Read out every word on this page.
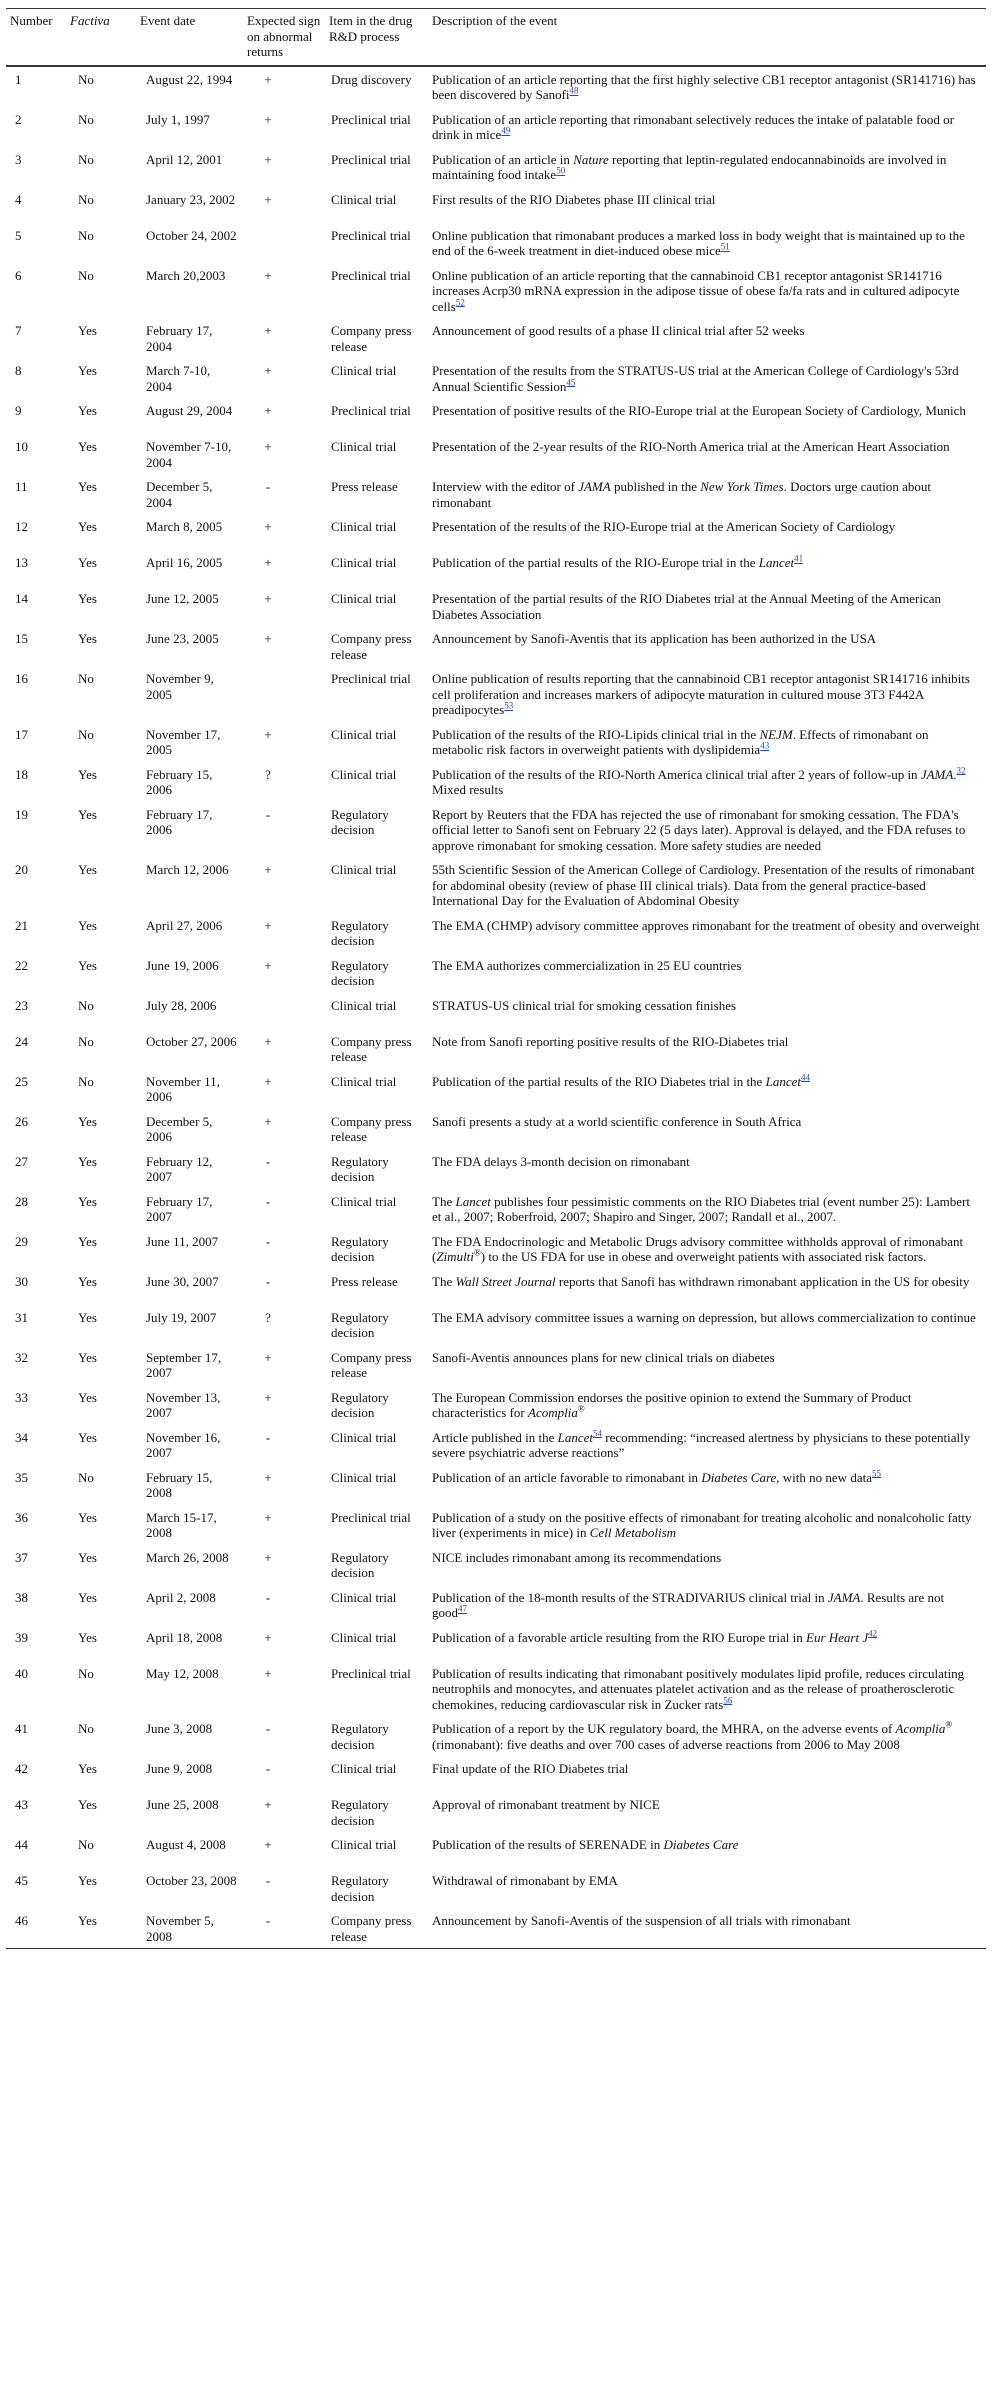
Number	Factiva	Event date	Expected sign on abnormal returns	Item in the drug R&D process	Description of the event
1	No	August 22, 1994	+	Drug discovery	Publication of an article reporting that the first highly selective CB1 receptor antagonist (SR141716) has been discovered by Sanofi$^{48}$
2	No	July 1, 1997	+	Preclinical trial	Publication of an article reporting that rimonabant selectively reduces the intake of palatable food or drink in mice$^{49}$
3	No	April 12, 2001	+	Preclinical trial	Publication of an article in Nature reporting that leptin-regulated endocannabinoids are involved in maintaining food intake$^{50}$
4	No	January 23, 2002	+	Clinical trial	First results of the RIO Diabetes phase III clinical trial
5	No	October 24, 2002		Preclinical trial	Online publication that rimonabant produces a marked loss in body weight that is maintained up to the end of the 6-week treatment in diet-induced obese mice$^{51}$
6	No	March 20,2003	+	Preclinical trial	Online publication of an article reporting that the cannabinoid CB1 receptor antagonist SR141716 increases Acrp30 mRNA expression in the adipose tissue of obese fa/fa rats and in cultured adipocyte cells$^{52}$
7	Yes	February 17, 2004	+	Company press release	Announcement of good results of a phase II clinical trial after 52 weeks
8	Yes	March 7-10, 2004	+	Clinical trial	Presentation of the results from the STRATUS-US trial at the American College of Cardiology's 53rd Annual Scientific Session$^{45}$
9	Yes	August 29, 2004	+	Preclinical trial	Presentation of positive results of the RIO-Europe trial at the European Society of Cardiology, Munich
10	Yes	November 7-10, 2004	+	Clinical trial	Presentation of the 2-year results of the RIO-North America trial at the American Heart Association
11	Yes	December 5, 2004	-	Press release	Interview with the editor of JAMA published in the New York Times. Doctors urge caution about rimonabant
12	Yes	March 8, 2005	+	Clinical trial	Presentation of the results of the RIO-Europe trial at the American Society of Cardiology
13	Yes	April 16, 2005	+	Clinical trial	Publication of the partial results of the RIO-Europe trial in the Lancet$^{41}$
14	Yes	June 12, 2005	+	Clinical trial	Presentation of the partial results of the RIO Diabetes trial at the Annual Meeting of the American Diabetes Association
15	Yes	June 23, 2005	+	Company press release	Announcement by Sanofi-Aventis that its application has been authorized in the USA
16	No	November 9, 2005		Preclinical trial	Online publication of results reporting that the cannabinoid CB1 receptor antagonist SR141716 inhibits cell proliferation and increases markers of adipocyte maturation in cultured mouse 3T3 F442A preadipocytes$^{53}$
17	No	November 17, 2005	+	Clinical trial	Publication of the results of the RIO-Lipids clinical trial in the NEJM. Effects of rimonabant on metabolic risk factors in overweight patients with dyslipidemia$^{43}$
18	Yes	February 15, 2006	?	Clinical trial	Publication of the results of the RIO-North America clinical trial after 2 years of follow-up in JAMA.$^{32}$ Mixed results
19	Yes	February 17, 2006	-	Regulatory decision	Report by Reuters that the FDA has rejected the use of rimonabant for smoking cessation. The FDA's official letter to Sanofi sent on February 22 (5 days later). Approval is delayed, and the FDA refuses to approve rimonabant for smoking cessation. More safety studies are needed
20	Yes	March 12, 2006	+	Clinical trial	55th Scientific Session of the American College of Cardiology. Presentation of the results of rimonabant for abdominal obesity (review of phase III clinical trials). Data from the general practice-based International Day for the Evaluation of Abdominal Obesity
21	Yes	April 27, 2006	+	Regulatory decision	The EMA (CHMP) advisory committee approves rimonabant for the treatment of obesity and overweight
22	Yes	June 19, 2006	+	Regulatory decision	The EMA authorizes commercialization in 25 EU countries
23	No	July 28, 2006		Clinical trial	STRATUS-US clinical trial for smoking cessation finishes
24	No	October 27, 2006	+	Company press release	Note from Sanofi reporting positive results of the RIO-Diabetes trial
25	No	November 11, 2006	+	Clinical trial	Publication of the partial results of the RIO Diabetes trial in the Lancet$^{44}$
26	Yes	December 5, 2006	+	Company press release	Sanofi presents a study at a world scientific conference in South Africa
27	Yes	February 12, 2007	-	Regulatory decision	The FDA delays 3-month decision on rimonabant
28	Yes	February 17, 2007	-	Clinical trial	The Lancet publishes four pessimistic comments on the RIO Diabetes trial (event number 25): Lambert et al., 2007; Roberfroid, 2007; Shapiro and Singer, 2007; Randall et al., 2007.
29	Yes	June 11, 2007	-	Regulatory decision	The FDA Endocrinologic and Metabolic Drugs advisory committee withholds approval of rimonabant (Zimulti®) to the US FDA for use in obese and overweight patients with associated risk factors.
30	Yes	June 30, 2007	-	Press release	The Wall Street Journal reports that Sanofi has withdrawn rimonabant application in the US for obesity
31	Yes	July 19, 2007	?	Regulatory decision	The EMA advisory committee issues a warning on depression, but allows commercialization to continue
32	Yes	September 17, 2007	+	Company press release	Sanofi-Aventis announces plans for new clinical trials on diabetes
33	Yes	November 13, 2007	+	Regulatory decision	The European Commission endorses the positive opinion to extend the Summary of Product characteristics for Acomplia®
34	Yes	November 16, 2007	-	Clinical trial	Article published in the Lancet$^{54}$ recommending: “increased alertness by physicians to these potentially severe psychiatric adverse reactions”
35	No	February 15, 2008	+	Clinical trial	Publication of an article favorable to rimonabant in Diabetes Care, with no new data$^{55}$
36	Yes	March 15-17, 2008	+	Preclinical trial	Publication of a study on the positive effects of rimonabant for treating alcoholic and nonalcoholic fatty liver (experiments in mice) in Cell Metabolism
37	Yes	March 26, 2008	+	Regulatory decision	NICE includes rimonabant among its recommendations
38	Yes	April 2, 2008	-	Clinical trial	Publication of the 18-month results of the STRADIVARIUS clinical trial in JAMA. Results are not good$^{47}$
39	Yes	April 18, 2008	+	Clinical trial	Publication of a favorable article resulting from the RIO Europe trial in Eur Heart J$^{42}$
40	No	May 12, 2008	+	Preclinical trial	Publication of results indicating that rimonabant positively modulates lipid profile, reduces circulating neutrophils and monocytes, and attenuates platelet activation and as the release of proatherosclerotic chemokines, reducing cardiovascular risk in Zucker rats$^{56}$
41	No	June 3, 2008	-	Regulatory decision	Publication of a report by the UK regulatory board, the MHRA, on the adverse events of Acomplia® (rimonabant): five deaths and over 700 cases of adverse reactions from 2006 to May 2008
42	Yes	June 9, 2008	-	Clinical trial	Final update of the RIO Diabetes trial
43	Yes	June 25, 2008	+	Regulatory decision	Approval of rimonabant treatment by NICE
44	No	August 4, 2008	+	Clinical trial	Publication of the results of SERENADE in Diabetes Care
45	Yes	October 23, 2008	-	Regulatory decision	Withdrawal of rimonabant by EMA
46	Yes	November 5, 2008	-	Company press release	Announcement by Sanofi-Aventis of the suspension of all trials with rimonabant
